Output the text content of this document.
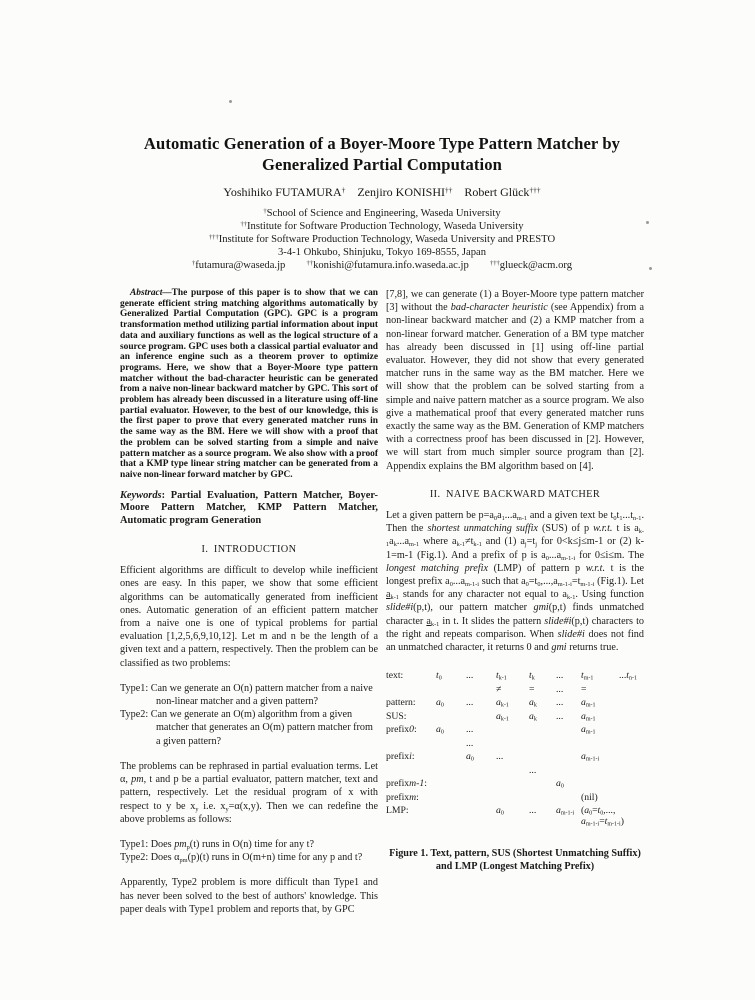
Automatic Generation of a Boyer-Moore Type Pattern Matcher by
Generalized Partial Computation
Yoshihiko FUTAMURA† Zenjiro KONISHI†† Robert Glück†††
†School of Science and Engineering, Waseda University
††Institute for Software Production Technology, Waseda University
†††Institute for Software Production Technology, Waseda University and PRESTO
3-4-1 Ohkubo, Shinjuku, Tokyo 169-8555, Japan
†futamura@waseda.jp  ††konishi@futamura.info.waseda.ac.jp  †††glueck@acm.org

Abstract—The purpose of this paper is to show that we can generate efficient string matching algorithms automatically by Generalized Partial Computation (GPC). GPC is a program transformation method utilizing partial information about input data and auxiliary functions as well as the logical structure of a source program. GPC uses both a classical partial evaluator and an inference engine such as a theorem prover to optimize programs. Here, we show that a Boyer-Moore type pattern matcher without the bad-character heuristic can be generated from a naive non-linear backward matcher by GPC. This sort of problem has already been discussed in a literature using off-line partial evaluator. However, to the best of our knowledge, this is the first paper to prove that every generated matcher runs in the same way as the BM. Here we will show with a proof that the problem can be solved starting from a simple and naive pattern matcher as a source program. We also show with a proof that a KMP type linear string matcher can be generated from a naive non-linear forward matcher by GPC.

Keywords: Partial Evaluation, Pattern Matcher, Boyer-Moore Pattern Matcher, KMP Pattern Matcher, Automatic program Generation

I. INTRODUCTION

Efficient algorithms are difficult to develop while inefficient ones are easy. In this paper, we show that some efficient algorithms can be automatically generated from inefficient ones. Automatic generation of an efficient pattern matcher from a naive one is one of typical problems for partial evaluation [1,2,5,6,9,10,12]. Let m and n be the length of a given text and a pattern, respectively. Then the problem can be classified as two problems:

Type1: Can we generate an O(n) pattern matcher from a naive non-linear matcher and a given pattern?
Type2: Can we generate an O(m) algorithm from a given matcher that generates an O(m) pattern matcher from a given pattern?

The problems can be rephrased in partial evaluation terms. Let α, pm, t and p be a partial evaluator, pattern matcher, text and pattern, respectively. Let the residual program of x with respect to y be $x_y$ i.e. $x_y=\alpha(x,y)$. Then we can redefine the above problems as follows:

Type1: Does $pm_p(t)$ runs in O(n) time for any t?
Type2: Does $\alpha_{pm}(p)(t)$ runs in O(m+n) time for any p and t?

Apparently, Type2 problem is more difficult than Type1 and has never been solved to the best of authors' knowledge. This paper deals with Type1 problem and reports that, by GPC

[7,8], we can generate (1) a Boyer-Moore type pattern matcher [3] without the bad-character heuristic (see Appendix) from a non-linear backward matcher and (2) a KMP matcher from a non-linear forward matcher. Generation of a BM type matcher has already been discussed in [1] using off-line partial evaluator. However, they did not show that every generated matcher runs in the same way as the BM matcher. Here we will show that the problem can be solved starting from a simple and naive pattern matcher as a source program. We also give a mathematical proof that every generated matcher runs exactly the same way as the BM. Generation of KMP matchers with a correctness proof has been discussed in [2]. However, we will start from much simpler source program than [2]. Appendix explains the BM algorithm based on [4].

II. NAIVE BACKWARD MATCHER

Let a given pattern be $p=a_0a_1...a_{m-1}$ and a given text be $t_0t_1...t_{n-1}$. Then the shortest unmatching suffix (SUS) of p w.r.t. t is $a_{k-1}a_k...a_{m-1}$ where $a_{k-1}\ne t_{k-1}$ and (1) $a_j=t_j$ for 0<k≤j≤m-1 or (2) k-1=m-1 (Fig.1). And a prefix of p is $a_0...a_{m-1-i}$ for 0≤i≤m. The longest matching prefix (LMP) of pattern p w.r.t. t is the longest prefix $a_0...a_{m-1-i}$ such that $a_0=t_0,...,a_{m-1-i}=t_{m-1-i}$ (Fig.1). Let $a_{k-1}$ stands for any character not equal to $a_{k-1}$. Using function slide#i(p,t), our pattern matcher gmi(p,t) finds unmatched character $a_{k-1}$ in t. It slides the pattern slide#i(p,t) characters to the right and repeats comparison. When slide#i does not find an unmatched character, it returns 0 and gmi returns true.

text:	$t_0$	...	$t_{k-1}$	$t_k$	...	$t_{m-1}$	$...t_{n-1}$
			≠	=	...	=	
pattern:	$a_0$	...	$a_{k-1}$	$a_k$	...	$a_{m-1}$	
SUS:			$a_{k-1}$	$a_k$	...	$a_{m-1}$	
prefix0:	$a_0$	...				$a_{m-1}$	
		...					
prefixi:		$a_0$	...			$a_{m-1-i}$	
				...			
prefixm-1:					$a_0$		
prefixm:						(nil)	
LMP:			$a_0$	...	$a_{m-1-i}$	($a_0=t_0$,...,
$a_{m-1-i}=t_{m-1-i}$)	
Figure 1. Text, pattern, SUS (Shortest Unmatching Suffix)
and LMP (Longest Matching Prefix)
